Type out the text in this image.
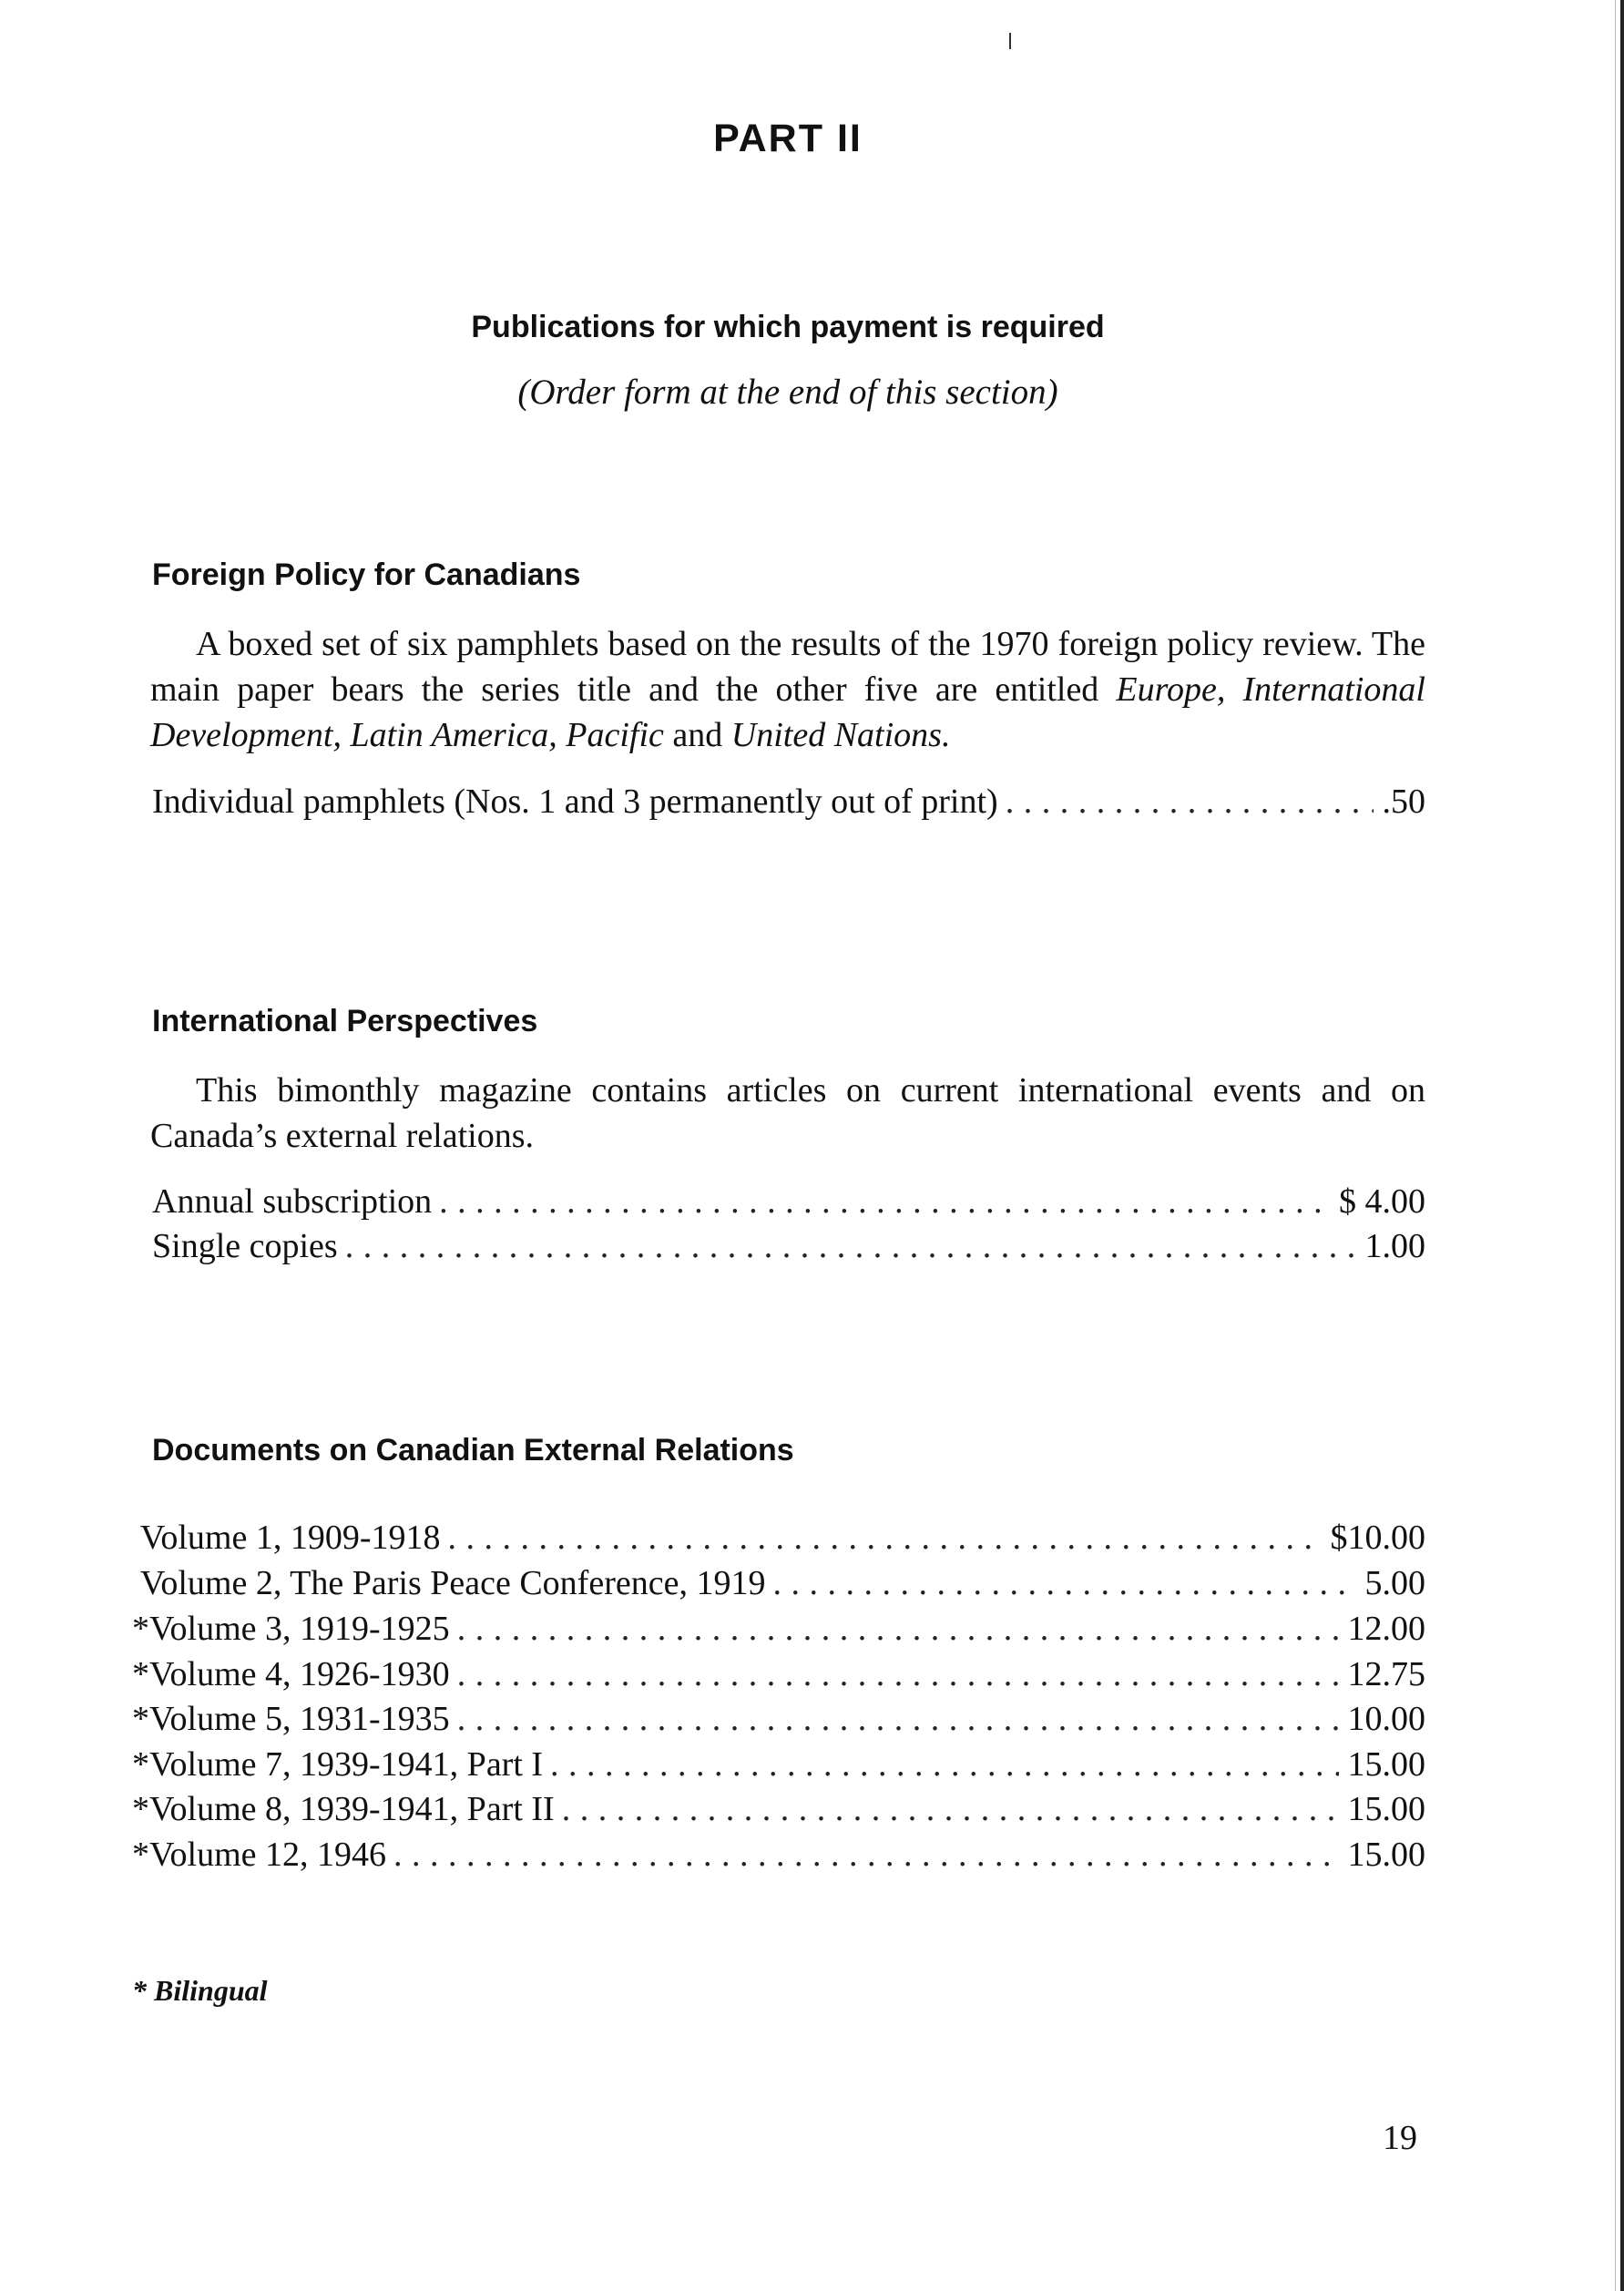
PART II
Publications for which payment is required
(Order form at the end of this section)
Foreign Policy for Canadians

A boxed set of six pamphlets based on the results of the 1970 foreign policy review. The main paper bears the series title and the other five are entitled Europe, International Development, Latin America, Pacific and United Nations.

Individual pamphlets (Nos. 1 and 3 permanently out of print) . . .	.50
International Perspectives

This bimonthly magazine contains articles on current international events and on Canada’s external relations.

Annual subscription . . .	$ 4.00
Single copies . . .	1.00
Documents on Canadian External Relations
Volume 1, 1909-1918 . . .	$10.00
Volume 2, The Paris Peace Conference, 1919 . . .	5.00
*Volume 3, 1919-1925 . . .	12.00
*Volume 4, 1926-1930 . . .	12.75
*Volume 5, 1931-1935 . . .	10.00
*Volume 7, 1939-1941, Part I . . .	15.00
*Volume 8, 1939-1941, Part II . . .	15.00
*Volume 12, 1946 . . .	15.00
* Bilingual
19
